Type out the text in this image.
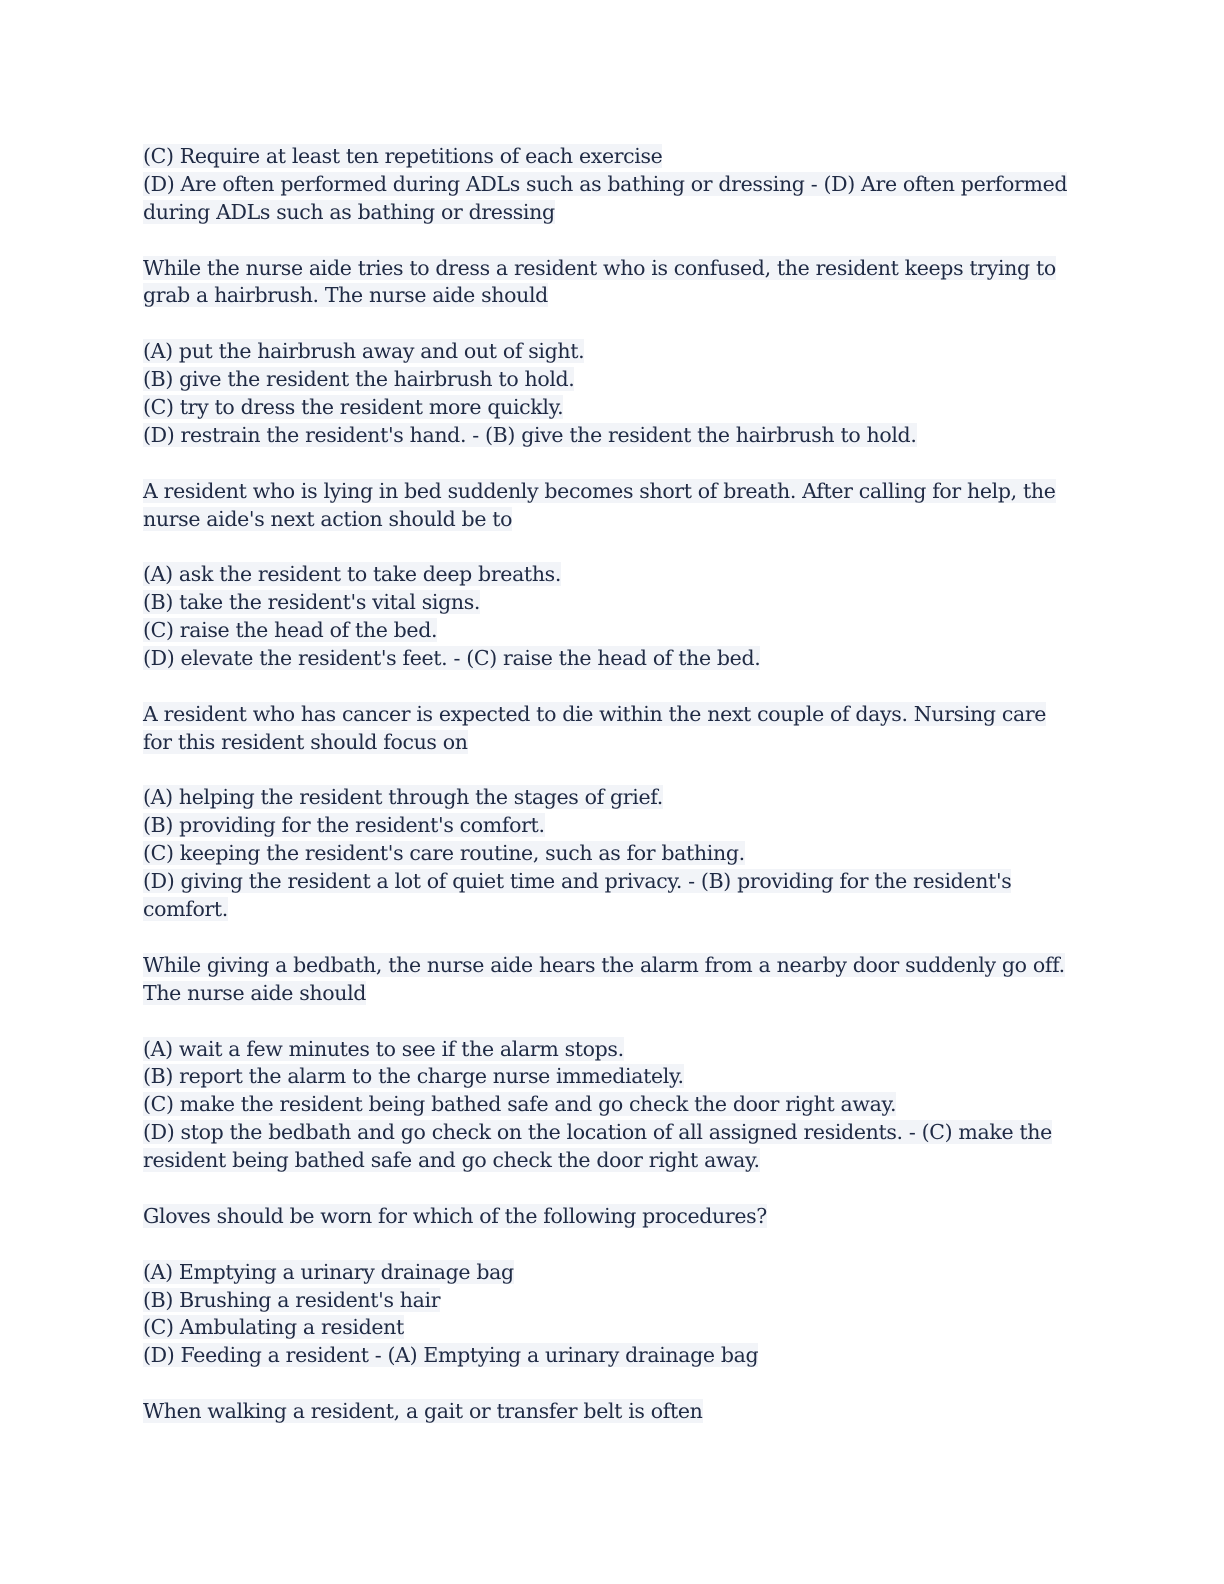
(C) Require at least ten repetitions of each exercise
(D) Are often performed during ADLs such as bathing or dressing - (D) Are often performed
during ADLs such as bathing or dressing
While the nurse aide tries to dress a resident who is confused, the resident keeps trying to
grab a hairbrush. The nurse aide should
(A) put the hairbrush away and out of sight.
(B) give the resident the hairbrush to hold.
(C) try to dress the resident more quickly.
(D) restrain the resident's hand. - (B) give the resident the hairbrush to hold.
A resident who is lying in bed suddenly becomes short of breath. After calling for help, the
nurse aide's next action should be to
(A) ask the resident to take deep breaths.
(B) take the resident's vital signs.
(C) raise the head of the bed.
(D) elevate the resident's feet. - (C) raise the head of the bed.
A resident who has cancer is expected to die within the next couple of days. Nursing care
for this resident should focus on
(A) helping the resident through the stages of grief.
(B) providing for the resident's comfort.
(C) keeping the resident's care routine, such as for bathing.
(D) giving the resident a lot of quiet time and privacy. - (B) providing for the resident's
comfort.
While giving a bedbath, the nurse aide hears the alarm from a nearby door suddenly go off.
The nurse aide should
(A) wait a few minutes to see if the alarm stops.
(B) report the alarm to the charge nurse immediately.
(C) make the resident being bathed safe and go check the door right away.
(D) stop the bedbath and go check on the location of all assigned residents. - (C) make the
resident being bathed safe and go check the door right away.
Gloves should be worn for which of the following procedures?
(A) Emptying a urinary drainage bag
(B) Brushing a resident's hair
(C) Ambulating a resident
(D) Feeding a resident - (A) Emptying a urinary drainage bag
When walking a resident, a gait or transfer belt is often
